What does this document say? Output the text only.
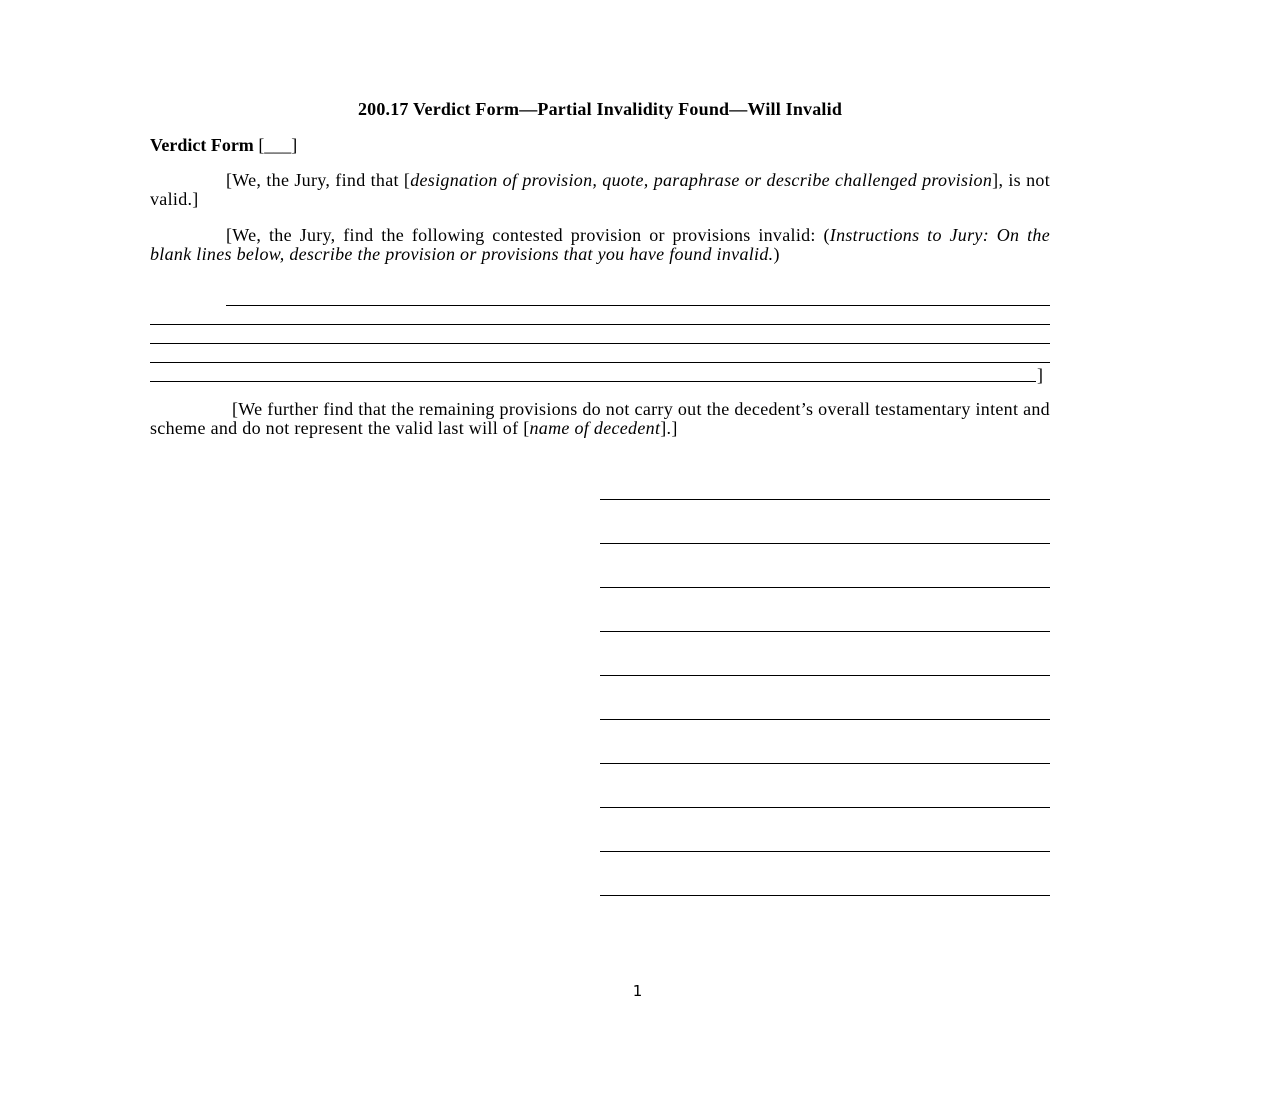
200.17 Verdict Form—Partial Invalidity Found—Will Invalid
Verdict Form [___]
[We, the Jury, find that [designation of provision, quote, paraphrase or describe challenged provision], is not valid.]
[We, the Jury, find the following contested provision or provisions invalid: (Instructions to Jury: On the blank lines below, describe the provision or provisions that you have found invalid.)
]
[We further find that the remaining provisions do not carry out the decedent’s overall testamentary intent and scheme and do not represent the valid last will of [name of decedent].]
1
